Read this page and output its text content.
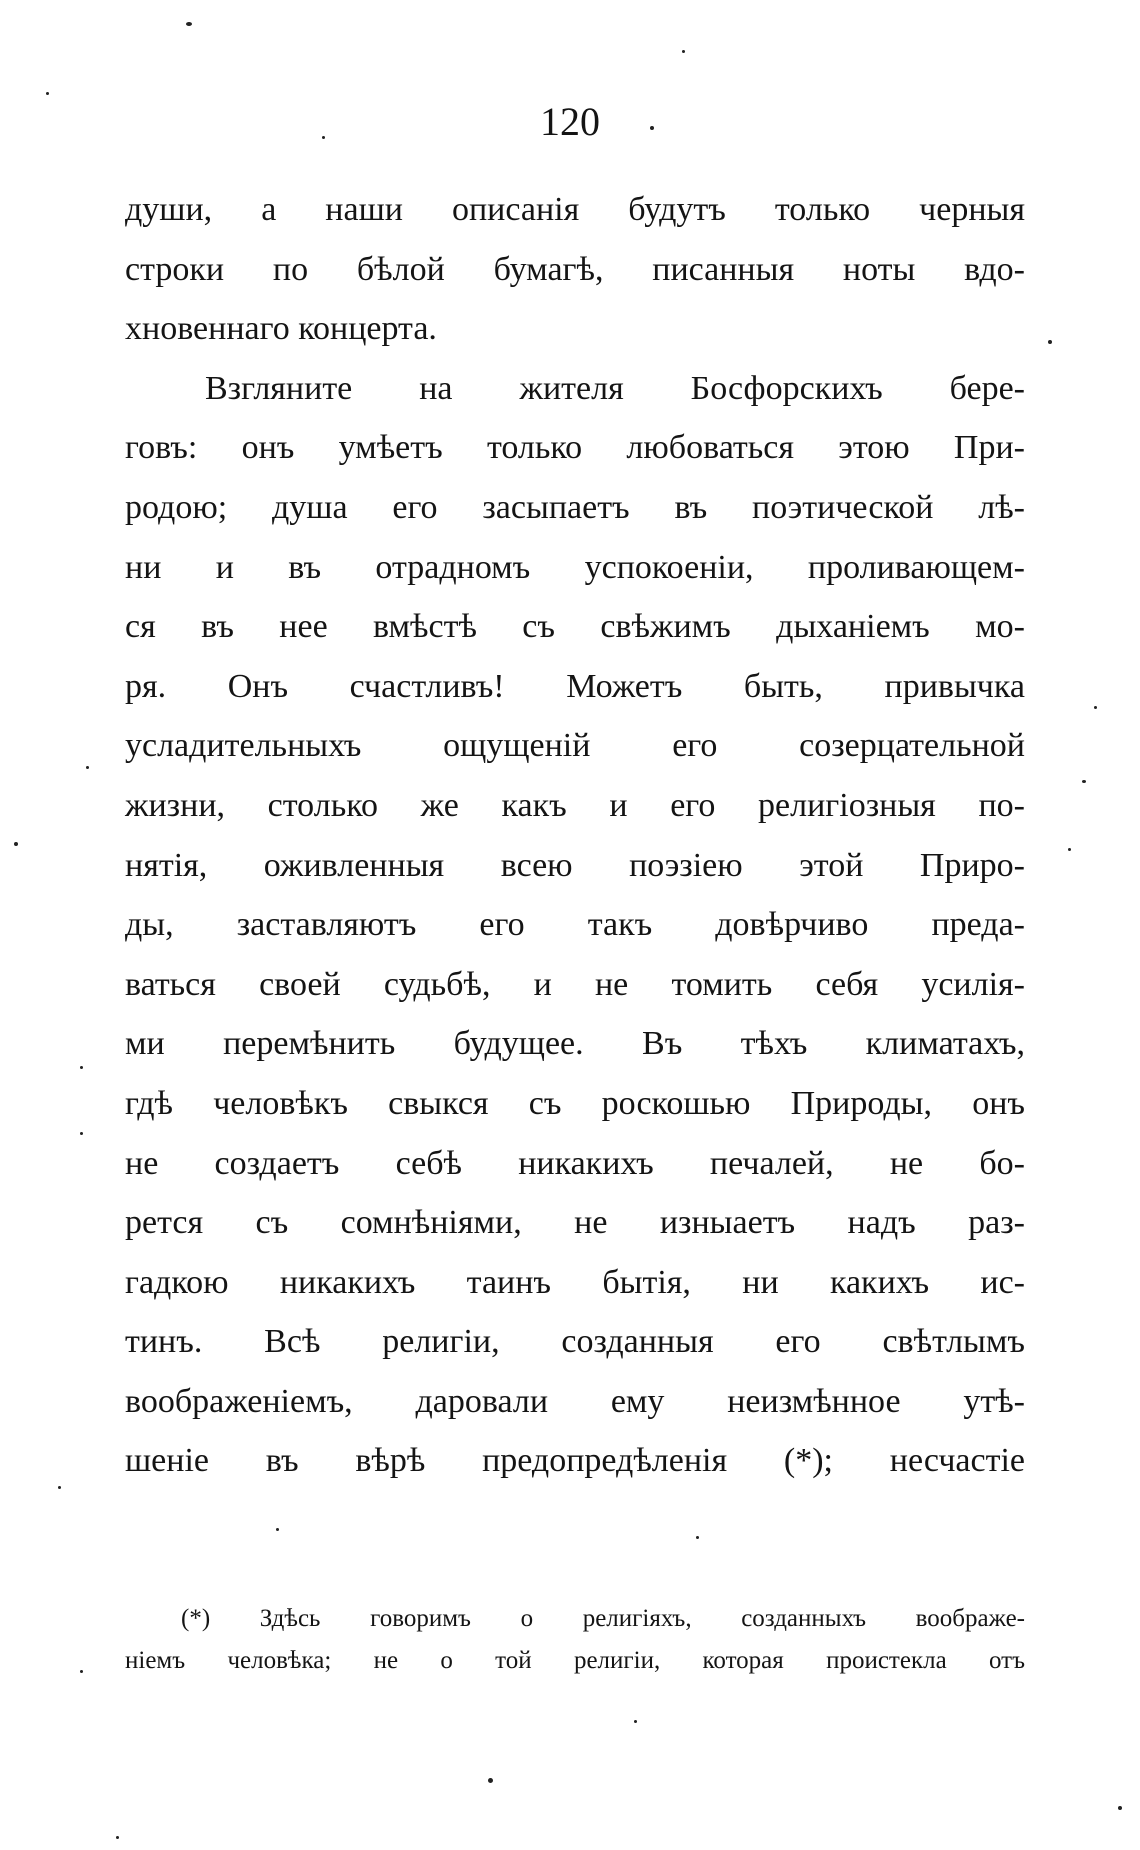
120
души, а наши описанія будутъ только черныя
строки по бѣлой бумагѣ, писанныя ноты вдо-
хновеннаго концерта.
Взгляните на жителя Босфорскихъ бере-
говъ: онъ умѣетъ только любоваться этою При-
родою; душа его засыпаетъ въ поэтической лѣ-
ни и въ отрадномъ успокоеніи, проливающем-
ся въ нее вмѣстѣ съ свѣжимъ дыханіемъ мо-
ря. Онъ счастливъ! Можетъ быть, привычка
усладительныхъ ощущеній его созерцательной
жизни, столько же какъ и его религіозныя по-
нятія, оживленныя всею поэзіею этой Приро-
ды, заставляютъ его такъ довѣрчиво преда-
ваться своей судьбѣ, и не томить себя усилія-
ми перемѣнить будущее. Въ тѣхъ климатахъ,
гдѣ человѣкъ свыкся съ роскошью Природы, онъ
не создаетъ себѣ никакихъ печалей, не бо-
рется съ сомнѣніями, не изныаетъ надъ раз-
гадкою никакихъ таинъ бытія, ни какихъ ис-
тинъ. Всѣ религіи, созданныя его свѣтлымъ
воображеніемъ, даровали ему неизмѣнное утѣ-
шеніе въ вѣрѣ предопредѣленія (*); несчастіе
(*) Здѣсь говоримъ о религіяхъ, созданныхъ воображе-
ніемъ человѣка; не о той религіи, которая проистекла отъ
